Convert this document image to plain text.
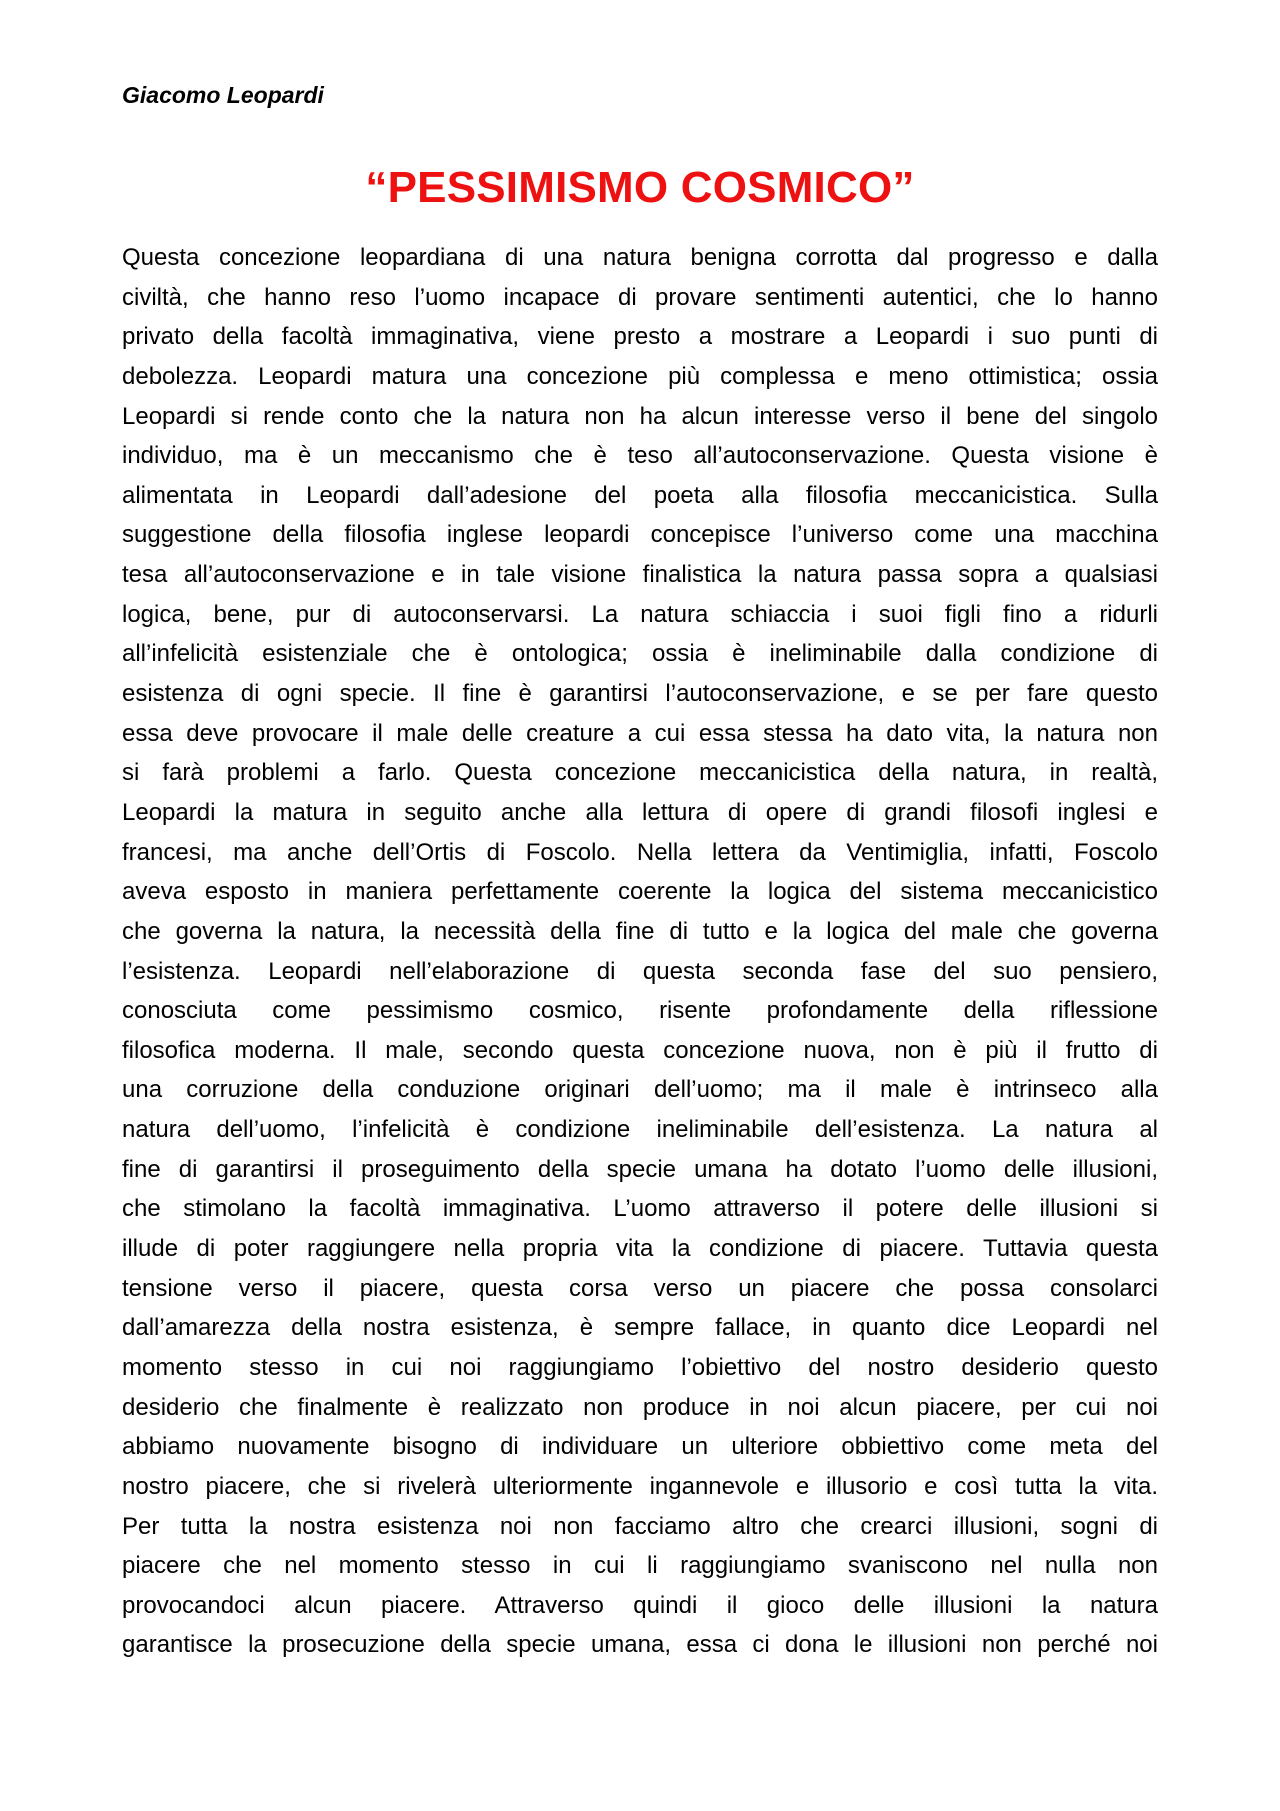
Giacomo Leopardi

“PESSIMISMO COSMICO”
Questa concezione leopardiana di una natura benigna corrotta dal progresso e dalla
civiltà, che hanno reso l’uomo incapace di provare sentimenti autentici, che lo hanno
privato della facoltà immaginativa, viene presto a mostrare a Leopardi i suo punti di
debolezza. Leopardi matura una concezione più complessa e meno ottimistica; ossia
Leopardi si rende conto che la natura non ha alcun interesse verso il bene del singolo
individuo, ma è un meccanismo che è teso all’autoconservazione. Questa visione è
alimentata in Leopardi dall’adesione del poeta alla filosofia meccanicistica. Sulla
suggestione della filosofia inglese leopardi concepisce l’universo come una macchina
tesa all’autoconservazione e in tale visione finalistica la natura passa sopra a qualsiasi
logica, bene, pur di autoconservarsi. La natura schiaccia i suoi figli fino a ridurli
all’infelicità esistenziale che è ontologica; ossia è ineliminabile dalla condizione di
esistenza di ogni specie. Il fine è garantirsi l’autoconservazione, e se per fare questo
essa deve provocare il male delle creature a cui essa stessa ha dato vita, la natura non
si farà problemi a farlo. Questa concezione meccanicistica della natura, in realtà,
Leopardi la matura in seguito anche alla lettura di opere di grandi filosofi inglesi e
francesi, ma anche dell’Ortis di Foscolo. Nella lettera da Ventimiglia, infatti, Foscolo
aveva esposto in maniera perfettamente coerente la logica del sistema meccanicistico
che governa la natura, la necessità della fine di tutto e la logica del male che governa
l’esistenza. Leopardi nell’elaborazione di questa seconda fase del suo pensiero,
conosciuta come pessimismo cosmico, risente profondamente della riflessione
filosofica moderna. Il male, secondo questa concezione nuova, non è più il frutto di
una corruzione della conduzione originari dell’uomo; ma il male è intrinseco alla
natura dell’uomo, l’infelicità è condizione ineliminabile dell’esistenza. La natura al
fine di garantirsi il proseguimento della specie umana ha dotato l’uomo delle illusioni,
che stimolano la facoltà immaginativa. L’uomo attraverso il potere delle illusioni si
illude di poter raggiungere nella propria vita la condizione di piacere. Tuttavia questa
tensione verso il piacere, questa corsa verso un piacere che possa consolarci
dall’amarezza della nostra esistenza, è sempre fallace, in quanto dice Leopardi nel
momento stesso in cui noi raggiungiamo l’obiettivo del nostro desiderio questo
desiderio che finalmente è realizzato non produce in noi alcun piacere, per cui noi
abbiamo nuovamente bisogno di individuare un ulteriore obbiettivo come meta del
nostro piacere, che si rivelerà ulteriormente ingannevole e illusorio e così tutta la vita.
Per tutta la nostra esistenza noi non facciamo altro che crearci illusioni, sogni di
piacere che nel momento stesso in cui li raggiungiamo svaniscono nel nulla non
provocandoci alcun piacere. Attraverso quindi il gioco delle illusioni la natura
garantisce la prosecuzione della specie umana, essa ci dona le illusioni non perché noi
